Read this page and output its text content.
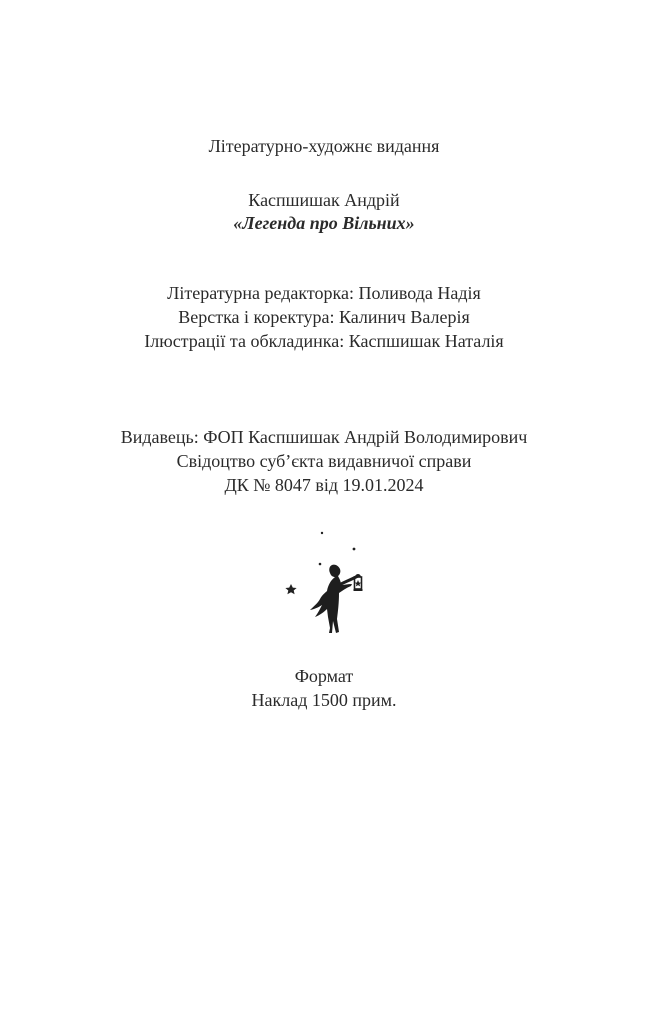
Літературно-художнє видання
Каспшишак Андрій
«Легенда про Вільних»
Літературна редакторка: Поливода Надія
Верстка і коректура: Калинич Валерія
Ілюстрації та обкладинка: Каспшишак Наталія
Видавець: ФОП Каспшишак Андрій Володимирович
Свідоцтво суб’єкта видавничої справи
ДК № 8047 від 19.01.2024
Формат
Наклад 1500 прим.
